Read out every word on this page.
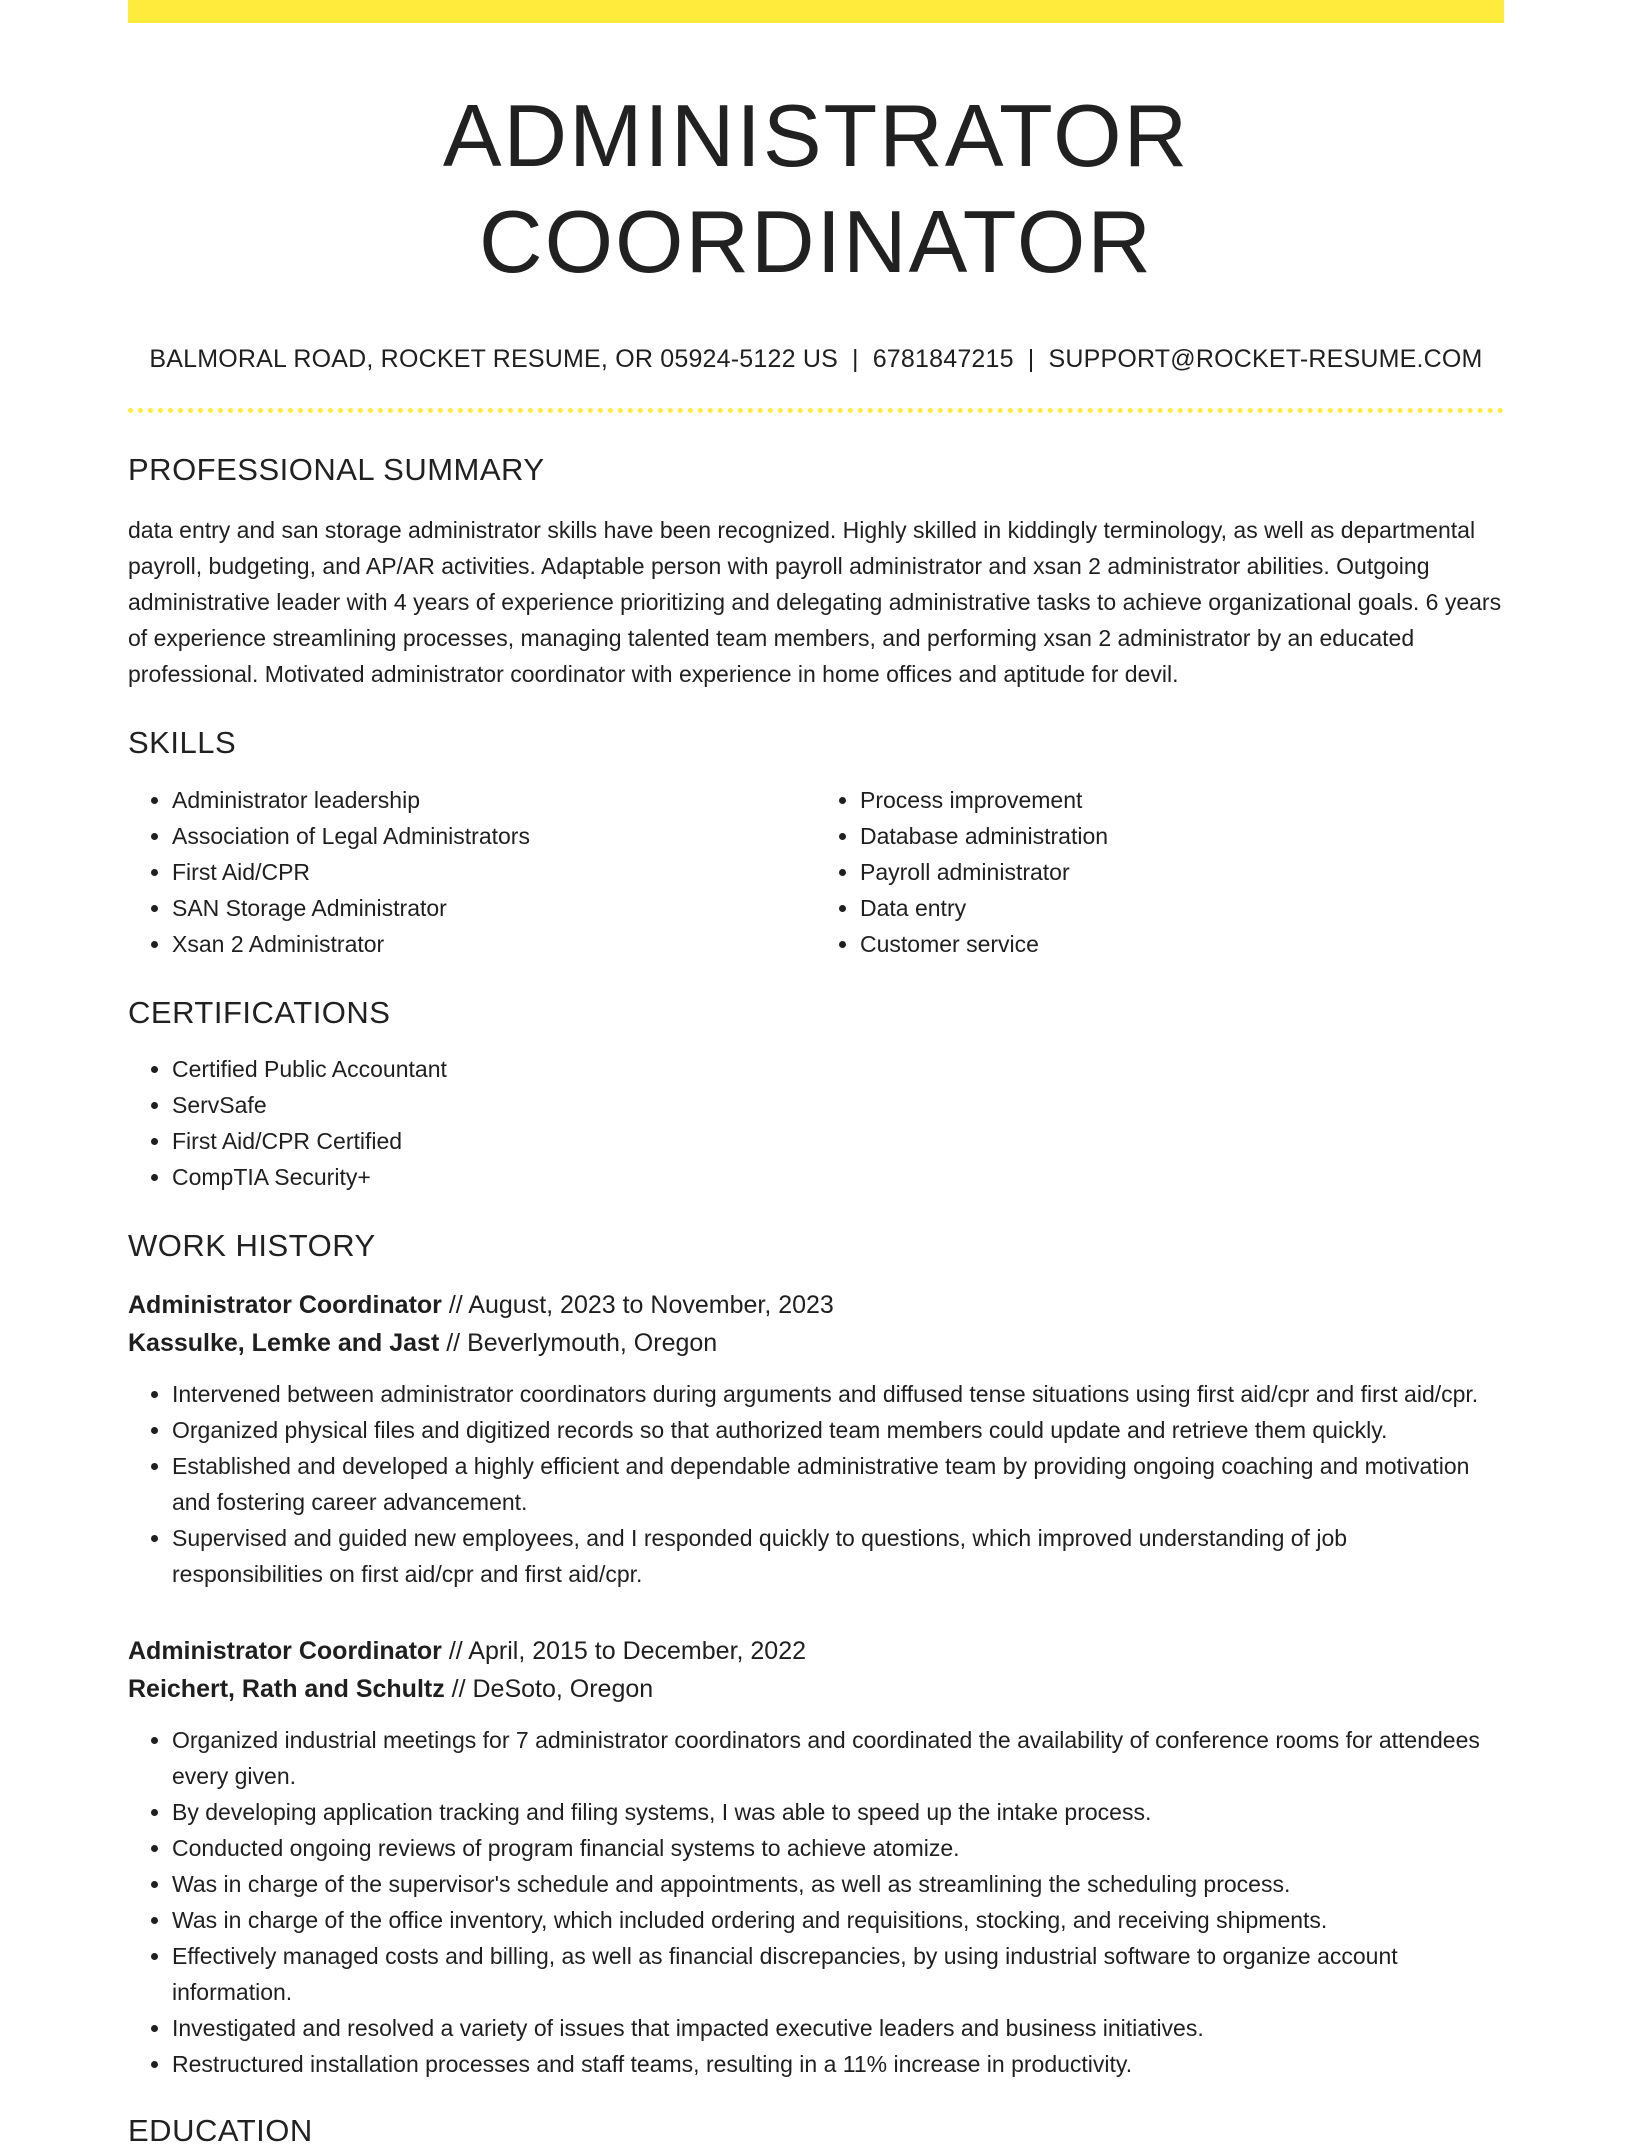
ADMINISTRATOR COORDINATOR
BALMORAL ROAD, ROCKET RESUME, OR 05924-5122 US | 6781847215 | SUPPORT@ROCKET-RESUME.COM
PROFESSIONAL SUMMARY

data entry and san storage administrator skills have been recognized. Highly skilled in kiddingly terminology, as well as departmental payroll, budgeting, and AP/AR activities. Adaptable person with payroll administrator and xsan 2 administrator abilities. Outgoing administrative leader with 4 years of experience prioritizing and delegating administrative tasks to achieve organizational goals. 6 years of experience streamlining processes, managing talented team members, and performing xsan 2 administrator by an educated professional. Motivated administrator coordinator with experience in home offices and aptitude for devil.

SKILLS
• Administrator leadership
• Association of Legal Administrators
• First Aid/CPR
• SAN Storage Administrator
• Xsan 2 Administrator
• Process improvement
• Database administration
• Payroll administrator
• Data entry
• Customer service
CERTIFICATIONS
• Certified Public Accountant
• ServSafe
• First Aid/CPR Certified
• CompTIA Security+
WORK HISTORY
Administrator Coordinator // August, 2023 to November, 2023
Kassulke, Lemke and Jast // Beverlymouth, Oregon
• Intervened between administrator coordinators during arguments and diffused tense situations using first aid/cpr and first aid/cpr.
• Organized physical files and digitized records so that authorized team members could update and retrieve them quickly.
• Established and developed a highly efficient and dependable administrative team by providing ongoing coaching and motivation and fostering career advancement.
• Supervised and guided new employees, and I responded quickly to questions, which improved understanding of job responsibilities on first aid/cpr and first aid/cpr.
Administrator Coordinator // April, 2015 to December, 2022
Reichert, Rath and Schultz // DeSoto, Oregon
• Organized industrial meetings for 7 administrator coordinators and coordinated the availability of conference rooms for attendees every given.
• By developing application tracking and filing systems, I was able to speed up the intake process.
• Conducted ongoing reviews of program financial systems to achieve atomize.
• Was in charge of the supervisor's schedule and appointments, as well as streamlining the scheduling process.
• Was in charge of the office inventory, which included ordering and requisitions, stocking, and receiving shipments.
• Effectively managed costs and billing, as well as financial discrepancies, by using industrial software to organize account information.
• Investigated and resolved a variety of issues that impacted executive leaders and business initiatives.
• Restructured installation processes and staff teams, resulting in a 11% increase in productivity.
EDUCATION
